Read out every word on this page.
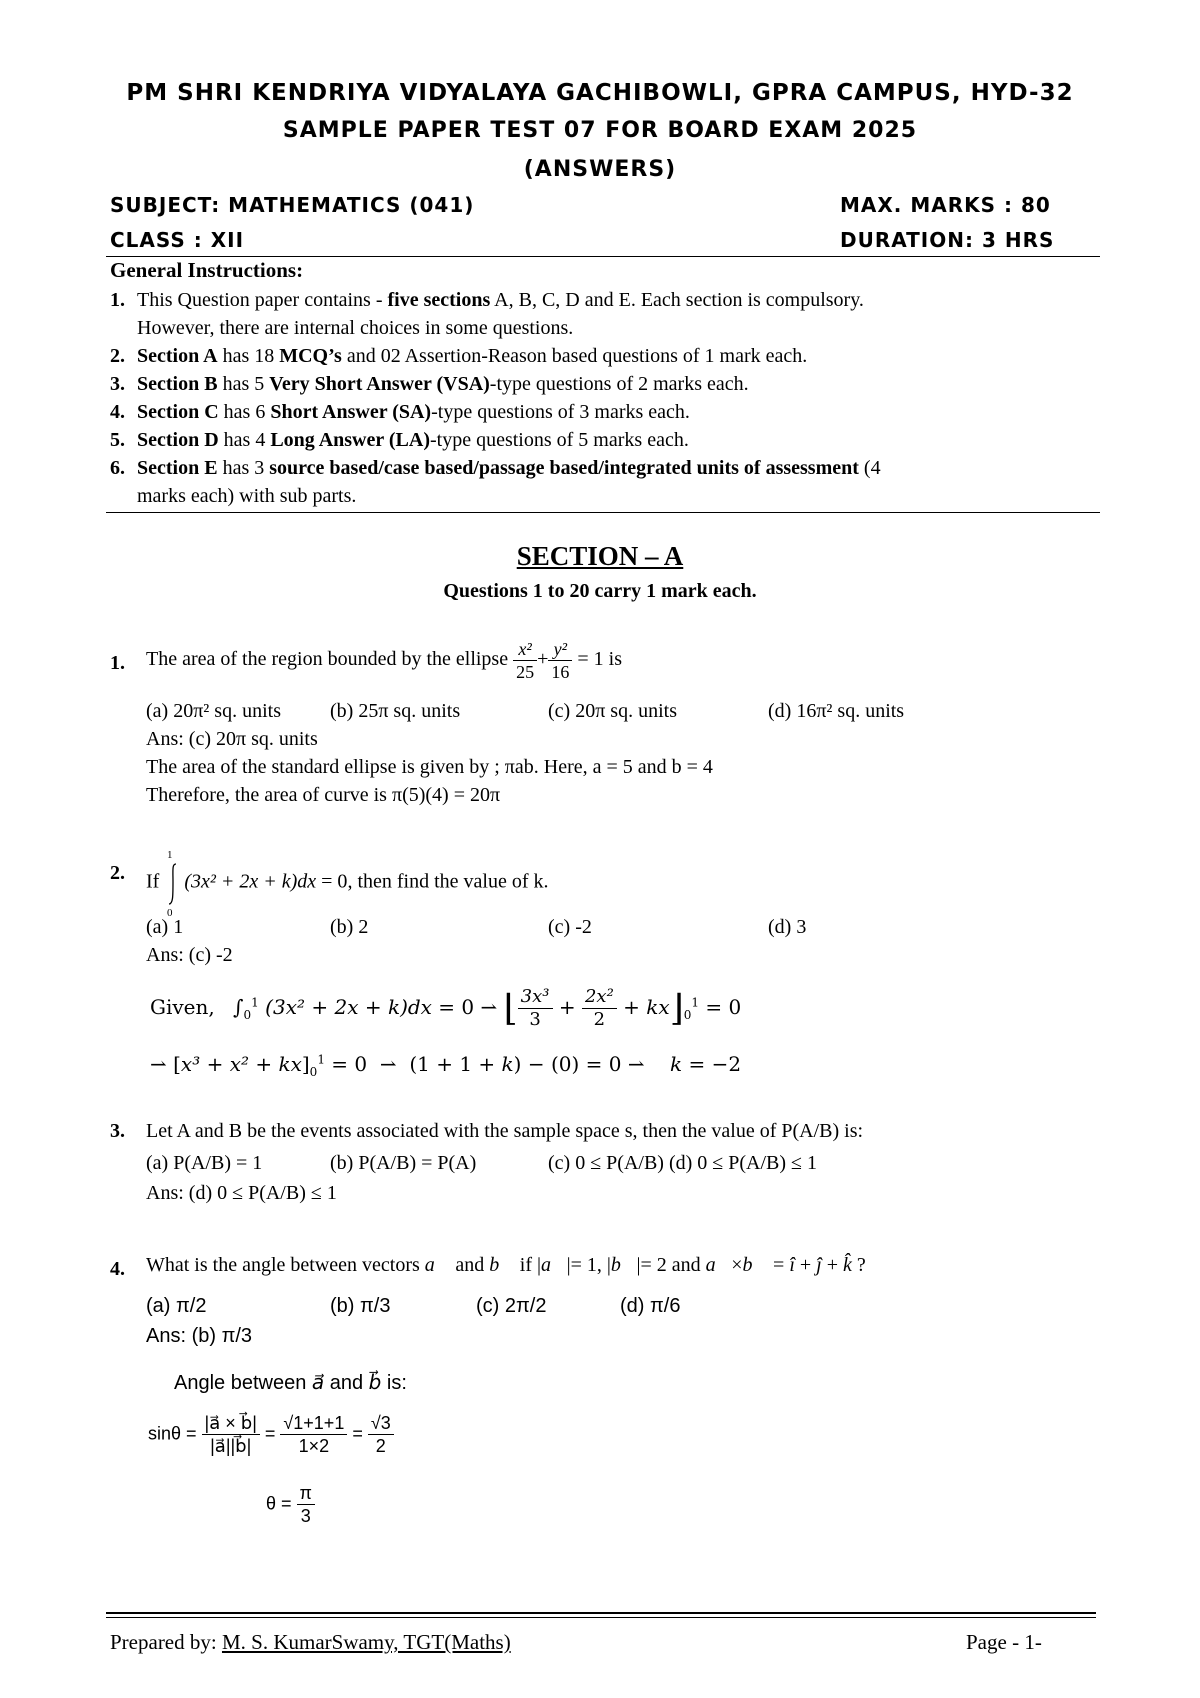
PM SHRI KENDRIYA VIDYALAYA GACHIBOWLI, GPRA CAMPUS, HYD-32
SAMPLE PAPER TEST 07 FOR BOARD EXAM 2025
(ANSWERS)
SUBJECT: MATHEMATICS (041)	MAX. MARKS : 80
CLASS : XII	DURATION: 3 HRS
General Instructions:
1. This Question paper contains - five sections A, B, C, D and E. Each section is compulsory.
However, there are internal choices in some questions.
2. Section A has 18 MCQ’s and 02 Assertion-Reason based questions of 1 mark each.
3. Section B has 5 Very Short Answer (VSA)-type questions of 2 marks each.
4. Section C has 6 Short Answer (SA)-type questions of 3 marks each.
5. Section D has 4 Long Answer (LA)-type questions of 5 marks each.
6. Section E has 3 source based/case based/passage based/integrated units of assessment (4
marks each) with sub parts.
SECTION – A
Questions 1 to 20 carry 1 mark each.
1. The area of the region bounded by the ellipse $\frac{\text{x²}}{25} + \frac{\text{y²}}{16} = 1$ is
(a) 20π² sq. units (b) 25π sq. units	(c) 20π sq. units	(d) 16π² sq. units
Ans: (c) 20π sq. units
The area of the standard ellipse is given by ; πab. Here, a = 5 and b = 4
Therefore, the area of curve is π(5)(4) = 20π
2. If
1
0
(3x² + 2x + k)dx = 0, then find the value of k.
(a) 1	(b) 2	(c) -2	(d) 3
Ans: (c) -2
Given, $\int_0^1$ (3x² + 2x + k)dx = 0 ⇀ ⌊ $\frac{\text{3x³}}{3} + \frac{\text{2x²}}{2}$ + $kx⌋_0^1 = 0$
⇀ $[x^3 + x^2 + kx]_0^1 = 0$  ⇀  (1 + 1 + k) − (0) = 0 ⇀    k = −2
3. Let A and B be the events associated with the sample space s, then the value of P(A/B) is:
(a) P(A/B) = 1	(b) P(A/B) = P(A)	(c) 0 ≤ P(A/B) (d) 0 ≤ P(A/B) ≤ 1
Ans: (d) 0 ≤ P(A/B) ≤ 1
4. What is the angle between vectors a⃗ and b⃗ if |a⃗|= 1, |b⃗|= 2 and a⃗×b⃗ = î + ĵ + k̂ ?
(a) π/2	(b) π/3	(c) 2π/2	(d) π/6
Ans: (b) π/3
Angle between a⃗ and b⃗ is:
$\sin\theta = \frac{|a⃗ \times b⃗|}{|a⃗||b⃗|} = \frac{√1+1+1}{1\times 2} = \frac{√3}{2}$
$\theta = \frac{\pi}{3}$
Prepared by: M. S. KumarSwamy, TGT(Maths)	Page - 1-
